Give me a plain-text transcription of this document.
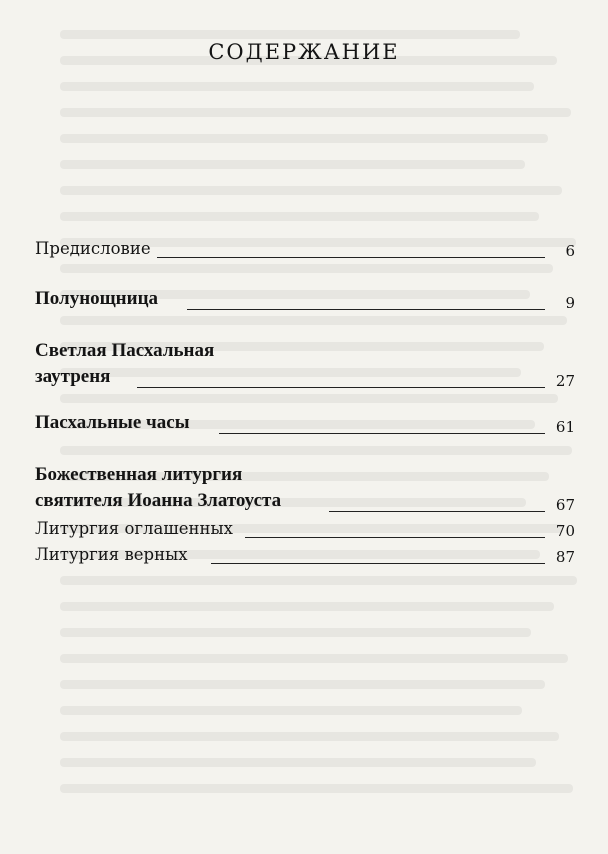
СОДЕРЖАНИЕ
Предисловие	6
Полунощница	9
Светлая Пасхальная
заутреня	27
Пасхальные часы	61
Божественная литургия
святителя Иоанна Златоуста	67
Литургия оглашенных	70
Литургия верных	87
